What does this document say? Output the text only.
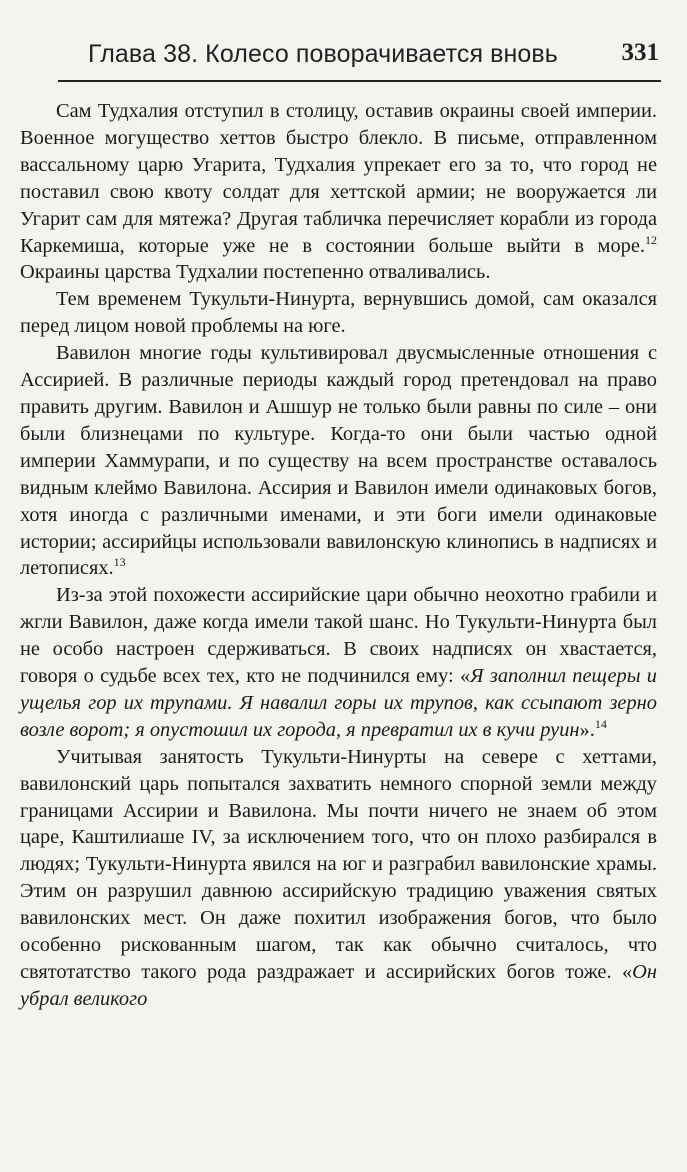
Глава 38. Колесо поворачивается вновь	331

Сам Тудхалия отступил в столицу, оставив окраины своей империи. Военное могущество хеттов быстро блекло. В письме, отправленном вассальному царю Угарита, Тудхалия упрекает его за то, что город не поставил свою квоту солдат для хеттской армии; не вооружается ли Угарит сам для мятежа? Другая табличка перечисляет корабли из города Каркемиша, которые уже не в состоянии больше выйти в море.$^{12}$ Окраины царства Тудхалии постепенно отваливались.

Тем временем Тукульти-Нинурта, вернувшись домой, сам оказался перед лицом новой проблемы на юге.

Вавилон многие годы культивировал двусмысленные отношения с Ассирией. В различные периоды каждый город претендовал на право править другим. Вавилон и Ашшур не только были равны по силе – они были близнецами по культуре. Когда-то они были частью одной империи Хаммурапи, и по существу на всем пространстве оставалось видным клеймо Вавилона. Ассирия и Вавилон имели одинаковых богов, хотя иногда с различными именами, и эти боги имели одинаковые истории; ассирийцы использовали вавилонскую клинопись в надписях и летописях.$^{13}$

Из-за этой похожести ассирийские цари обычно неохотно грабили и жгли Вавилон, даже когда имели такой шанс. Но Тукульти-Нинурта был не особо настроен сдерживаться. В своих надписях он хвастается, говоря о судьбе всех тех, кто не подчинился ему: «Я заполнил пещеры и ущелья гор их трупами. Я навалил горы их трупов, как ссыпают зерно возле ворот; я опустошил их города, я превратил их в кучи руин».$^{14}$

Учитывая занятость Тукульти-Нинурты на севере с хеттами, вавилонский царь попытался захватить немного спорной земли между границами Ассирии и Вавилона. Мы почти ничего не знаем об этом царе, Каштилиаше IV, за исключением того, что он плохо разбирался в людях; Тукульти-Нинурта явился на юг и разграбил вавилонские храмы. Этим он разрушил давнюю ассирийскую традицию уважения святых вавилонских мест. Он даже похитил изображения богов, что было особенно рискованным шагом, так как обычно считалось, что святотатство такого рода раздражает и ассирийских богов тоже. «Он убрал великого
